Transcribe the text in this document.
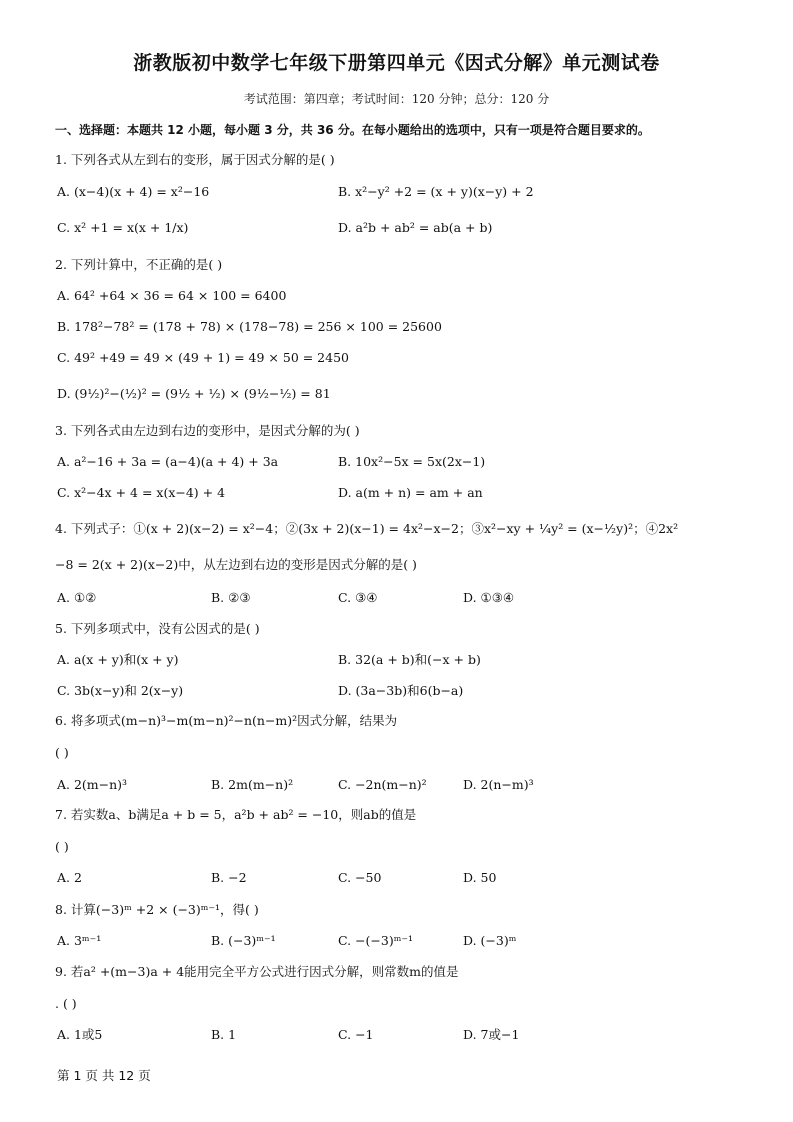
浙教版初中数学七年级下册第四单元《因式分解》单元测试卷
考试范围：第四章；考试时间：120 分钟；总分：120 分
一、选择题：本题共 12 小题，每小题 3 分，共 36 分。在每小题给出的选项中，只有一项是符合题目要求的。
1. 下列各式从左到右的变形，属于因式分解的是( )
A. (x−4)(x + 4) = x²−16	B. x²−y² +2 = (x + y)(x−y) + 2
C. x² +1 = x(x + 1/x)	D. a²b + ab² = ab(a + b)
2. 下列计算中，不正确的是( )
A. 64² +64 × 36 = 64 × 100 = 6400
B. 178²−78² = (178 + 78) × (178−78) = 256 × 100 = 25600
C. 49² +49 = 49 × (49 + 1) = 49 × 50 = 2450
D. (9½)²−(½)² = (9½ + ½) × (9½−½) = 81
3. 下列各式由左边到右边的变形中，是因式分解的为( )
A. a²−16 + 3a = (a−4)(a + 4) + 3a	B. 10x²−5x = 5x(2x−1)
C. x²−4x + 4 = x(x−4) + 4	D. a(m + n) = am + an
4. 下列式子：①(x + 2)(x−2) = x²−4；②(3x + 2)(x−1) = 4x²−x−2；③x²−xy + ¼y² = (x−½y)²；④2x²
−8 = 2(x + 2)(x−2)中，从左边到右边的变形是因式分解的是( )
A. ①②	B. ②③	C. ③④	D. ①③④
5. 下列多项式中，没有公因式的是( )
A. a(x + y)和(x + y)	B. 32(a + b)和(−x + b)
C. 3b(x−y)和 2(x−y)	D. (3a−3b)和6(b−a)
6. 将多项式(m−n)³−m(m−n)²−n(n−m)²因式分解，结果为
( )
A. 2(m−n)³	B. 2m(m−n)²	C. −2n(m−n)²	D. 2(n−m)³
7. 若实数a、b满足a + b = 5，a²b + ab² = −10，则ab的值是
( )
A. 2	B. −2	C. −50	D. 50
8. 计算(−3)ᵐ +2 × (−3)ᵐ⁻¹，得( )
A. 3ᵐ⁻¹	B. (−3)ᵐ⁻¹	C. −(−3)ᵐ⁻¹	D. (−3)ᵐ
9. 若a² +(m−3)a + 4能用完全平方公式进行因式分解，则常数m的值是
. ( )
A. 1或5	B. 1	C. −1	D. 7或−1
第 1 页 共 12 页
